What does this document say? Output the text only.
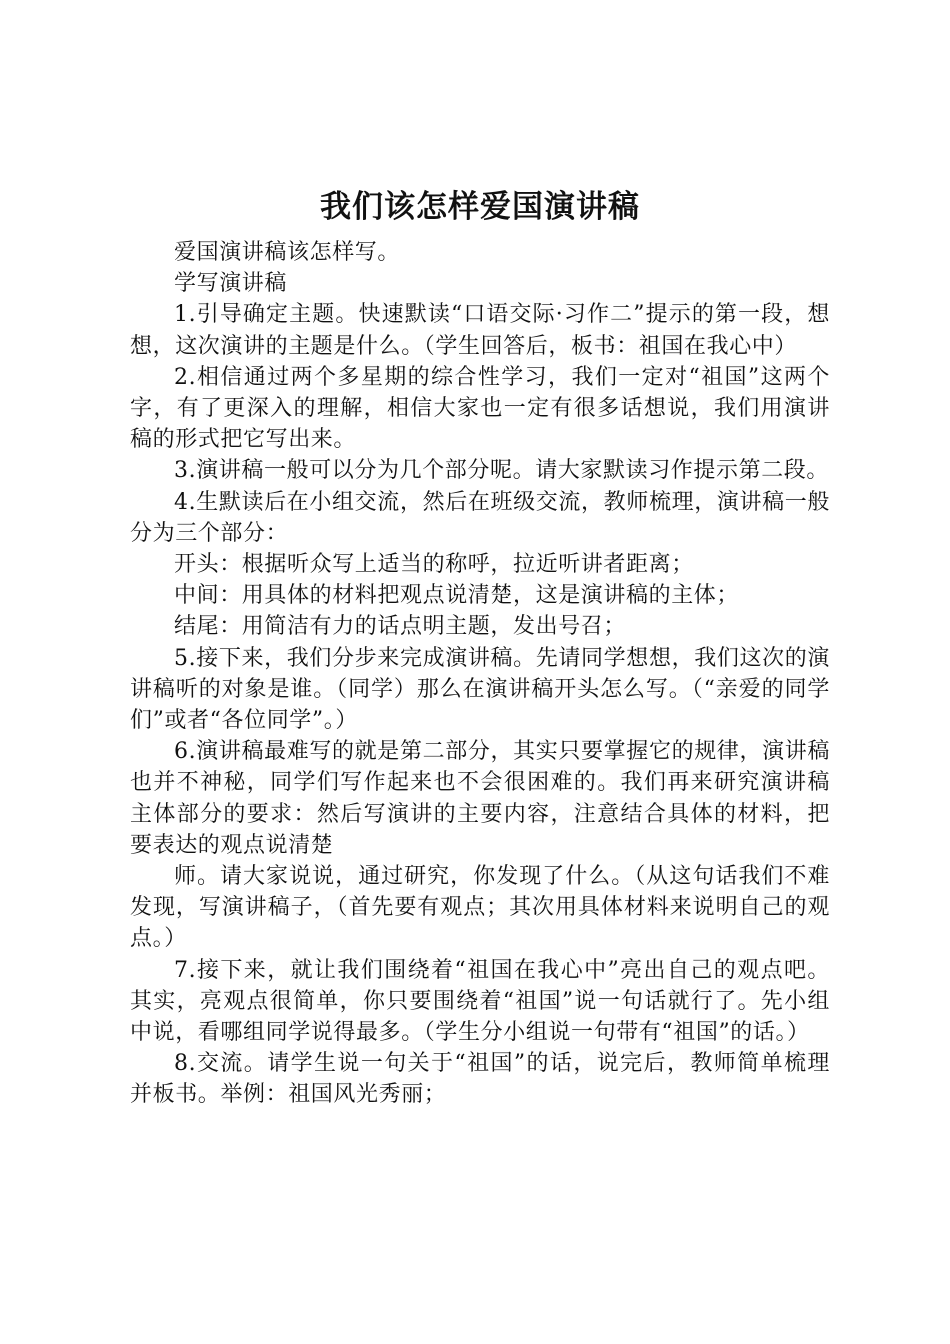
我们该怎样爱国演讲稿

爱国演讲稿该怎样写。

学写演讲稿

1.引导确定主题。快速默读“口语交际·习作二”提示的第一段，想想，这次演讲的主题是什么。（学生回答后，板书：祖国在我心中）

2.相信通过两个多星期的综合性学习，我们一定对“祖国”这两个字，有了更深入的理解，相信大家也一定有很多话想说，我们用演讲稿的形式把它写出来。

3.演讲稿一般可以分为几个部分呢。请大家默读习作提示第二段。

4.生默读后在小组交流，然后在班级交流，教师梳理，演讲稿一般分为三个部分：

开头：根据听众写上适当的称呼，拉近听讲者距离；

中间：用具体的材料把观点说清楚，这是演讲稿的主体；

结尾：用简洁有力的话点明主题，发出号召；

5.接下来，我们分步来完成演讲稿。先请同学想想，我们这次的演讲稿听的对象是谁。（同学）那么在演讲稿开头怎么写。（“亲爱的同学们”或者“各位同学”。）

6.演讲稿最难写的就是第二部分，其实只要掌握它的规律，演讲稿也并不神秘，同学们写作起来也不会很困难的。我们再来研究演讲稿主体部分的要求：然后写演讲的主要内容，注意结合具体的材料，把要表达的观点说清楚

师。请大家说说，通过研究，你发现了什么。（从这句话我们不难发现，写演讲稿子，（首先要有观点；其次用具体材料来说明自己的观点。）

7.接下来，就让我们围绕着“祖国在我心中”亮出自己的观点吧。其实，亮观点很简单，你只要围绕着“祖国”说一句话就行了。先小组中说，看哪组同学说得最多。（学生分小组说一句带有“祖国”的话。）

8.交流。请学生说一句关于“祖国”的话，说完后，教师简单梳理并板书。举例：祖国风光秀丽；
